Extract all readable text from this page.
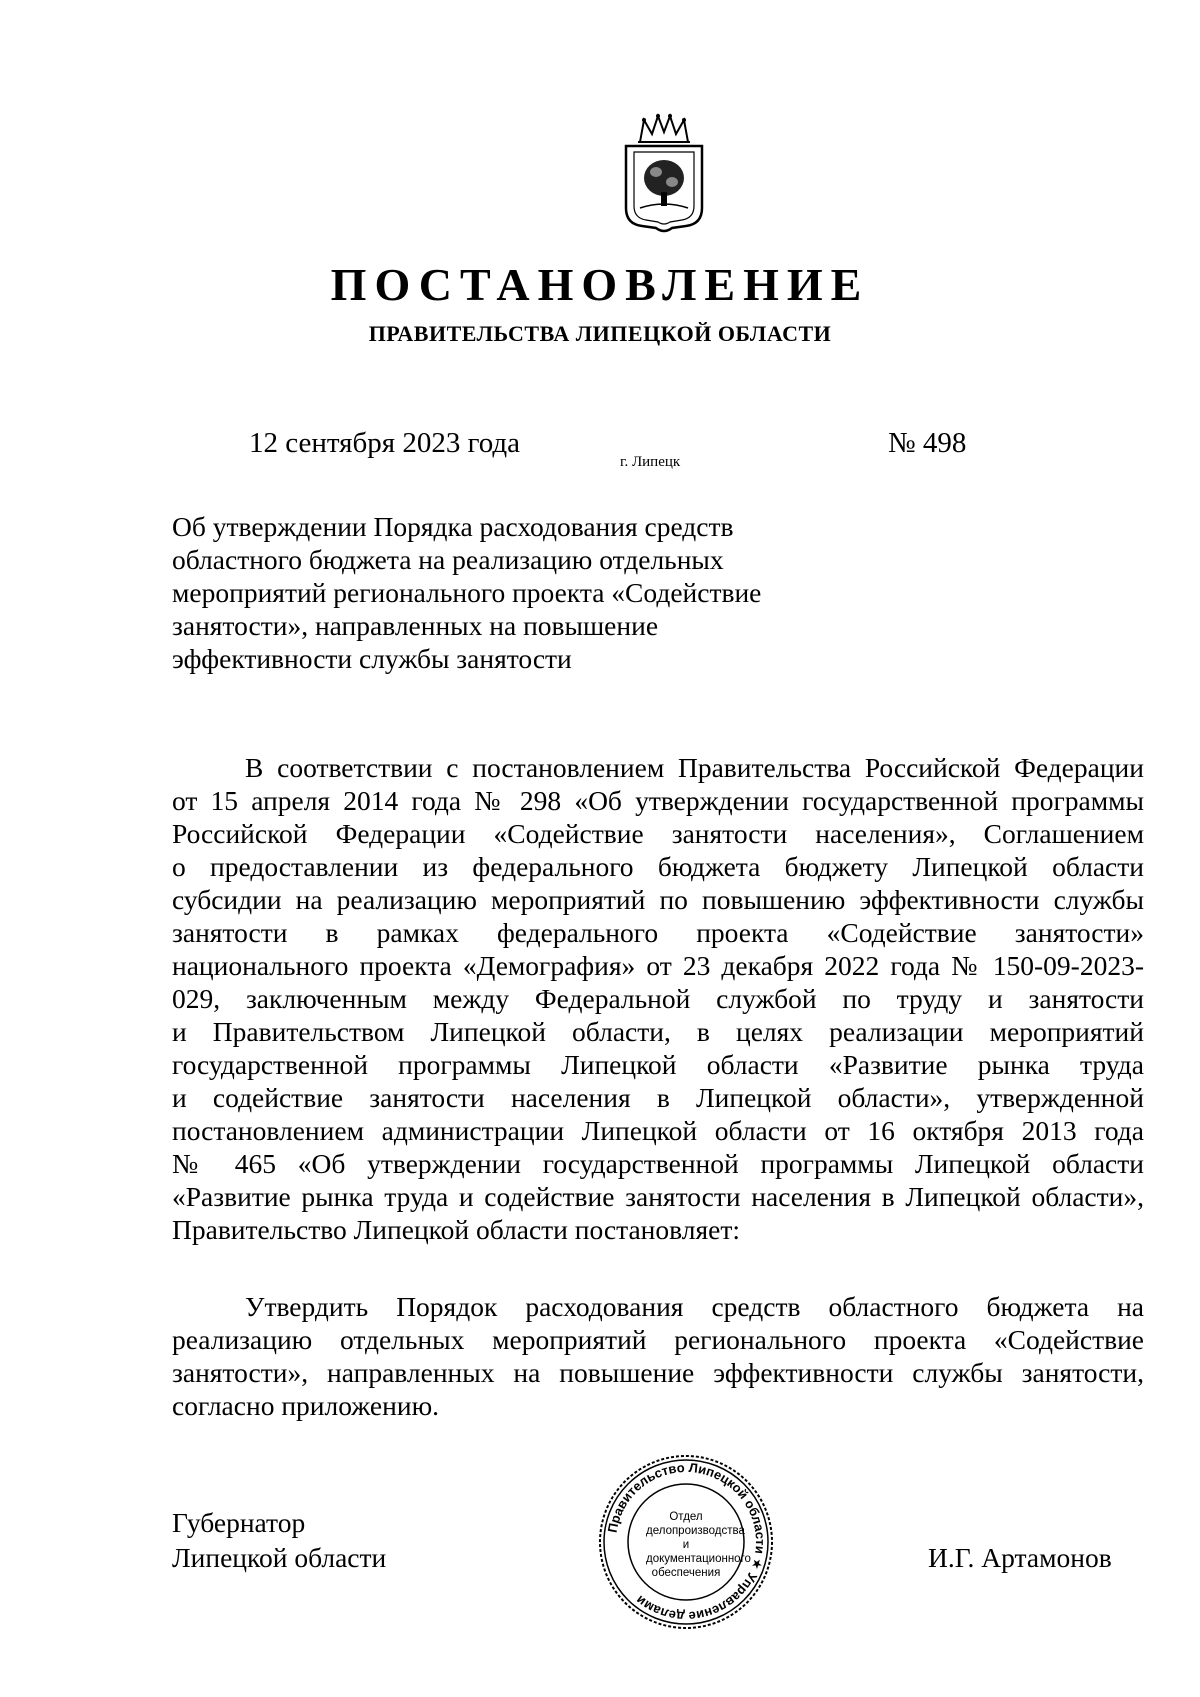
ПОСТАНОВЛЕНИЕ
ПРАВИТЕЛЬСТВА ЛИПЕЦКОЙ ОБЛАСТИ
12 сентября 2023 года
г. Липецк
№ 498
Об утверждении Порядка расходования средств
областного бюджета на реализацию отдельных
мероприятий регионального проекта «Содействие
занятости», направленных на повышение
эффективности службы занятости
В соответствии с постановлением Правительства Российской Федерации
от 15 апреля 2014 года № 298 «Об утверждении государственной программы
Российской Федерации «Содействие занятости населения», Соглашением
о предоставлении из федерального бюджета бюджету Липецкой области
субсидии на реализацию мероприятий по повышению эффективности службы
занятости в рамках федерального проекта «Содействие занятости»
национального проекта «Демография» от 23 декабря 2022 года № 150-09-2023-
029, заключенным между Федеральной службой по труду и занятости
и Правительством Липецкой области, в целях реализации мероприятий
государственной программы Липецкой области «Развитие рынка труда
и содействие занятости населения в Липецкой области», утвержденной
постановлением администрации Липецкой области от 16 октября 2013 года
№ 465 «Об утверждении государственной программы Липецкой области
«Развитие рынка труда и содействие занятости населения в Липецкой области»,
Правительство Липецкой области постановляет:
Утвердить Порядок расходования средств областного бюджета на
реализацию отдельных мероприятий регионального проекта «Содействие
занятости», направленных на повышение эффективности службы занятости,
согласно приложению.
Губернатор
Липецкой области
Правительство Липецкой области ★ Управление делами
Отдел делопроизводства и документационного обеспечения	И.Г. Артамонов
